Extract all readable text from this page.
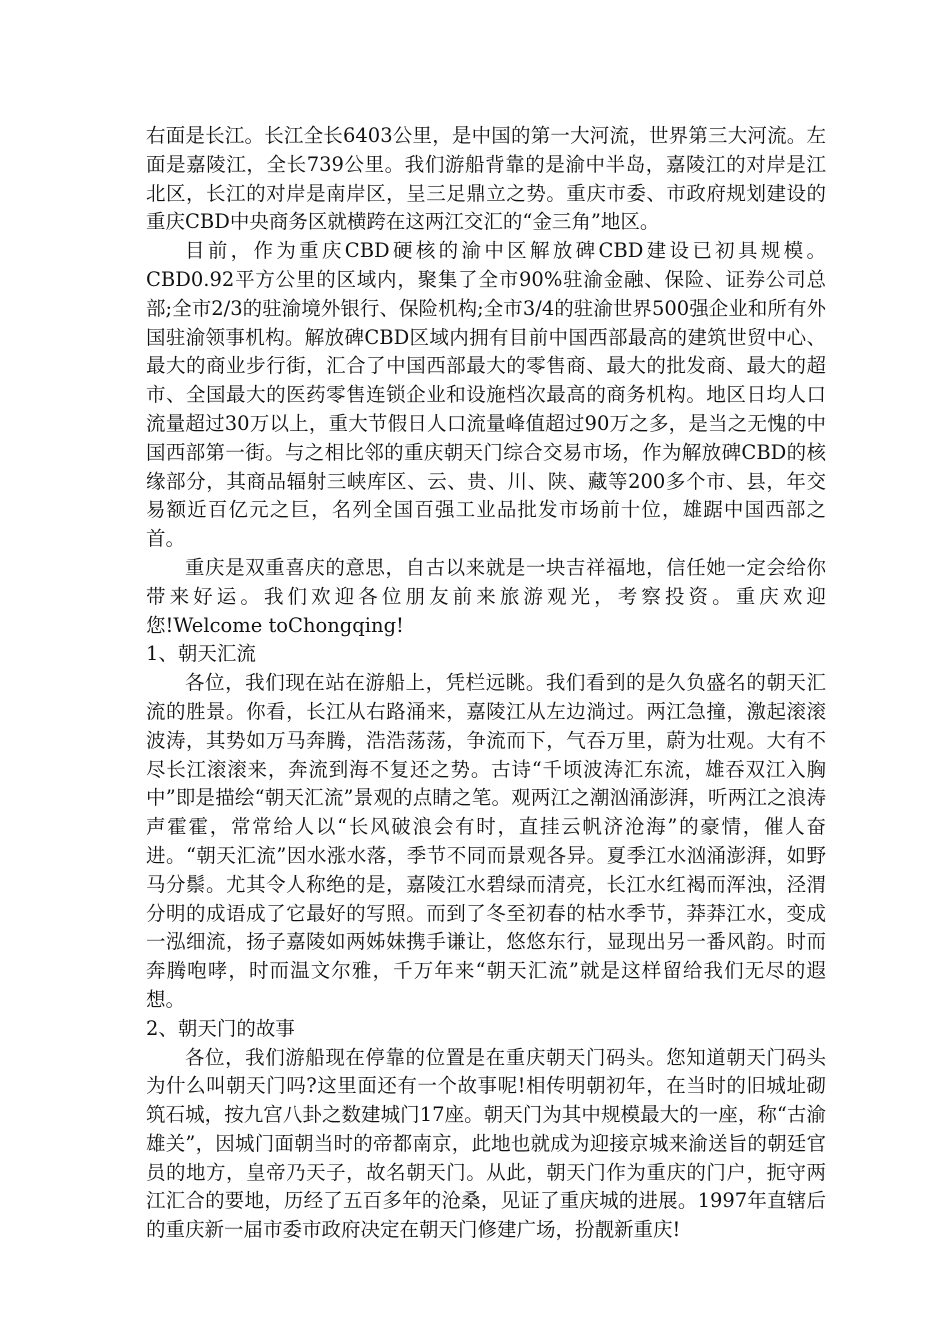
右面是长江。长江全长6403公里，是中国的第一大河流，世界第三大河流。左面是嘉陵江，全长739公里。我们游船背靠的是渝中半岛，嘉陵江的对岸是江北区，长江的对岸是南岸区，呈三足鼎立之势。重庆市委、市政府规划建设的重庆CBD中央商务区就横跨在这两江交汇的“金三角”地区。

目前，作为重庆CBD硬核的渝中区解放碑CBD建设已初具规模。CBD0.92平方公里的区域内，聚集了全市90%驻渝金融、保险、证券公司总部;全市2/3的驻渝境外银行、保险机构;全市3/4的驻渝世界500强企业和所有外国驻渝领事机构。解放碑CBD区域内拥有目前中国西部最高的建筑世贸中心、最大的商业步行街，汇合了中国西部最大的零售商、最大的批发商、最大的超市、全国最大的医药零售连锁企业和设施档次最高的商务机构。地区日均人口流量超过30万以上，重大节假日人口流量峰值超过90万之多，是当之无愧的中国西部第一街。与之相比邻的重庆朝天门综合交易市场，作为解放碑CBD的核缘部分，其商品辐射三峡库区、云、贵、川、陕、藏等200多个市、县，年交易额近百亿元之巨，名列全国百强工业品批发市场前十位，雄踞中国西部之首。

重庆是双重喜庆的意思，自古以来就是一块吉祥福地，信任她一定会给你带来好运。我们欢迎各位朋友前来旅游观光，考察投资。重庆欢迎您!Welcome toChongqing!

1、朝天汇流

各位，我们现在站在游船上，凭栏远眺。我们看到的是久负盛名的朝天汇流的胜景。你看，长江从右路涌来，嘉陵江从左边淌过。两江急撞，激起滚滚波涛，其势如万马奔腾，浩浩荡荡，争流而下，气吞万里，蔚为壮观。大有不尽长江滚滚来，奔流到海不复还之势。古诗“千顷波涛汇东流，雄吞双江入胸中”即是描绘“朝天汇流”景观的点睛之笔。观两江之潮汹涌澎湃，听两江之浪涛声霍霍，常常给人以“长风破浪会有时，直挂云帆济沧海”的豪情，催人奋进。“朝天汇流”因水涨水落，季节不同而景观各异。夏季江水汹涌澎湃，如野马分鬃。尤其令人称绝的是，嘉陵江水碧绿而清亮，长江水红褐而浑浊，泾渭分明的成语成了它最好的写照。而到了冬至初春的枯水季节，莽莽江水，变成一泓细流，扬子嘉陵如两姊妹携手谦让，悠悠东行，显现出另一番风韵。时而奔腾咆哮，时而温文尔雅，千万年来“朝天汇流”就是这样留给我们无尽的遐想。

2、朝天门的故事

各位，我们游船现在停靠的位置是在重庆朝天门码头。您知道朝天门码头为什么叫朝天门吗?这里面还有一个故事呢!相传明朝初年，在当时的旧城址砌筑石城，按九宫八卦之数建城门17座。朝天门为其中规模最大的一座，称“古渝雄关”，因城门面朝当时的帝都南京，此地也就成为迎接京城来渝送旨的朝廷官员的地方，皇帝乃天子，故名朝天门。从此，朝天门作为重庆的门户，扼守两江汇合的要地，历经了五百多年的沧桑，见证了重庆城的进展。1997年直辖后的重庆新一届市委市政府决定在朝天门修建广场，扮靓新重庆!
